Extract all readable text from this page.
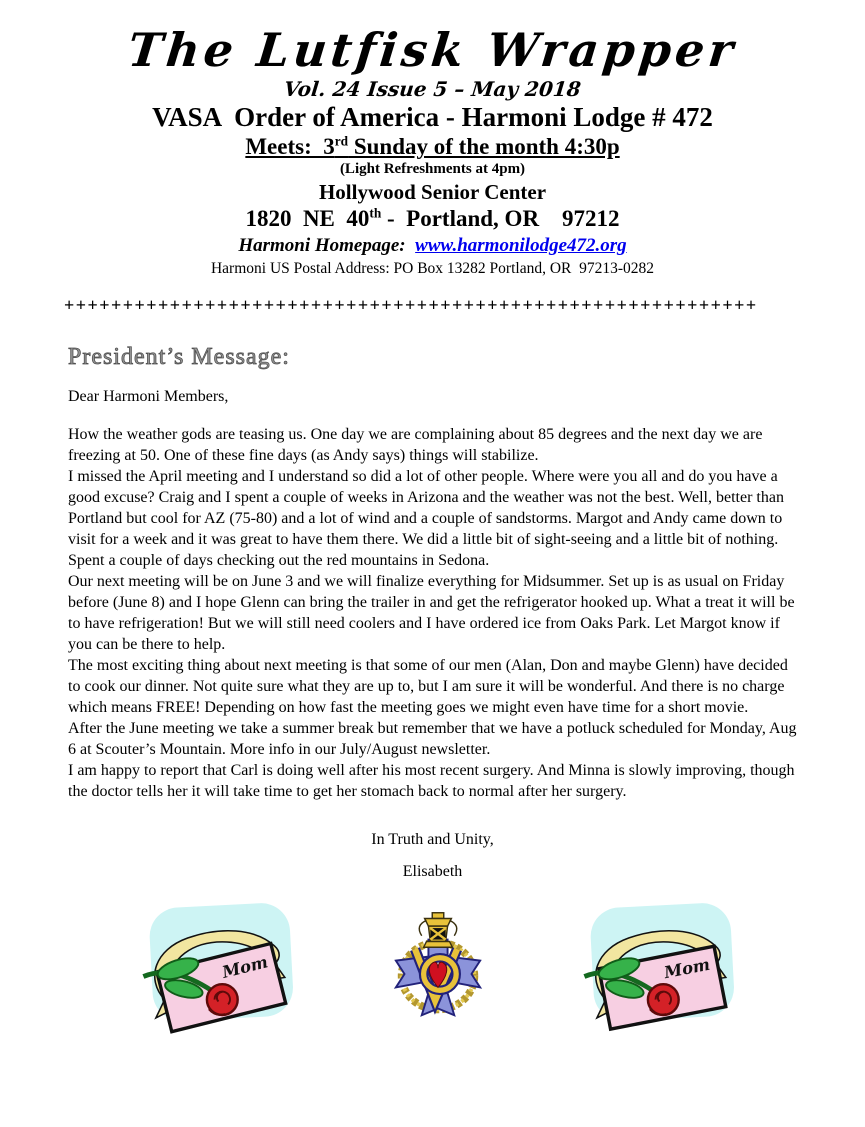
The Lutfisk Wrapper
Vol. 24 Issue 5 – May 2018
VASA  Order of America - Harmoni Lodge # 472
Meets:  3rd Sunday of the month 4:30p
(Light Refreshments at 4pm)
Hollywood Senior Center
1820  NE  40th -  Portland, OR    97212
Harmoni Homepage:  www.harmonilodge472.org
Harmoni US Postal Address: PO Box 13282 Portland, OR  97213-0282
+++++++++++++++++++++++++++++++++++++++++++++++++++++++++++
President’s Message:
Dear Harmoni Members,
How the weather gods are teasing us. One day we are complaining about 85 degrees and the next day we are freezing at 50. One of these fine days (as Andy says) things will stabilize.
I missed the April meeting and I understand so did a lot of other people. Where were you all and do you have a good excuse? Craig and I spent a couple of weeks in Arizona and the weather was not the best. Well, better than Portland but cool for AZ (75-80) and a lot of wind and a couple of sandstorms. Margot and Andy came down to visit for a week and it was great to have them there. We did a little bit of sight-seeing and a little bit of nothing. Spent a couple of days checking out the red mountains in Sedona.
Our next meeting will be on June 3 and we will finalize everything for Midsummer. Set up is as usual on Friday before (June 8) and I hope Glenn can bring the trailer in and get the refrigerator hooked up. What a treat it will be to have refrigeration! But we will still need coolers and I have ordered ice from Oaks Park. Let Margot know if you can be there to help.
The most exciting thing about next meeting is that some of our men (Alan, Don and maybe Glenn) have decided to cook our dinner. Not quite sure what they are up to, but I am sure it will be wonderful. And there is no charge which means FREE! Depending on how fast the meeting goes we might even have time for a short movie.
After the June meeting we take a summer break but remember that we have a potluck scheduled for Monday, Aug 6 at Scouter’s Mountain. More info in our July/August newsletter.
I am happy to report that Carl is doing well after his most recent surgery. And Minna is slowly improving, though the doctor tells her it will take time to get her stomach back to normal after her surgery.
In Truth and Unity,
Elisabeth
Mom	Mom
